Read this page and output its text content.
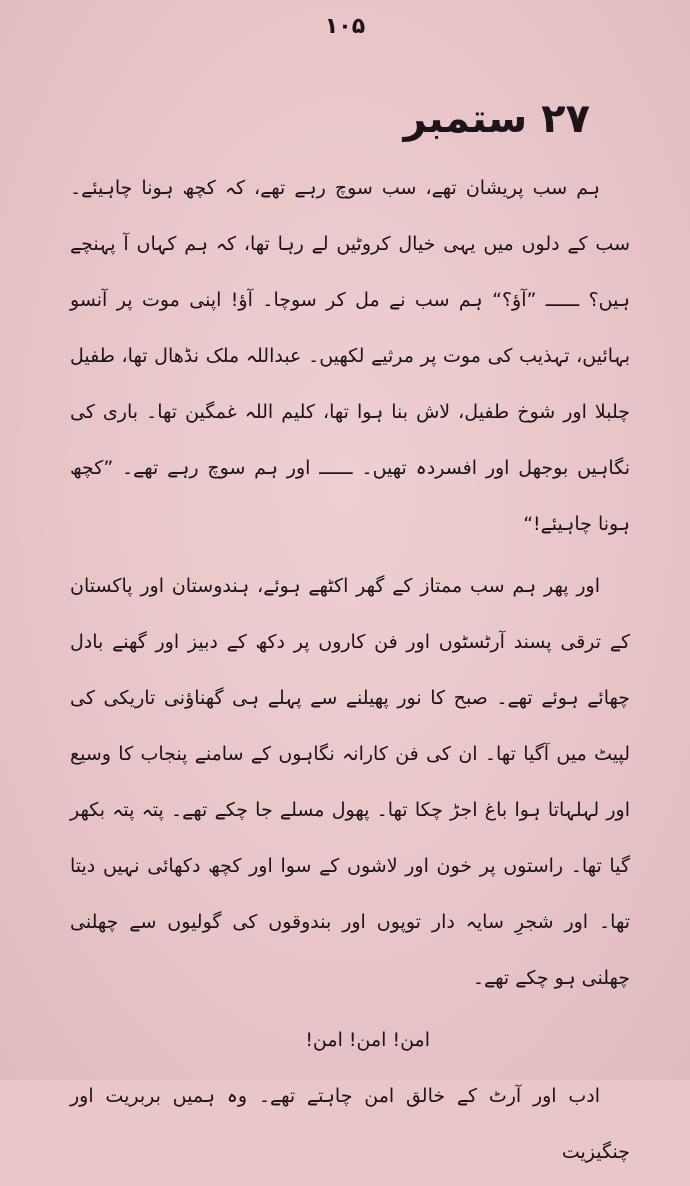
١٠۵
٢٧ ستمبر

ہم سب پریشان تھے، سب سوچ رہے تھے، کہ کچھ ہونا چاہیئے۔ سب کے دلوں میں یہی خیال کروٹیں لے رہا تھا، کہ ہم کہاں آ پہنچے ہیں؟ ــــــ ”آؤ؟“ ہم سب نے مل کر سوچا۔ آؤ! اپنی موت پر آنسو بہائیں، تہذیب کی موت پر مرثیے لکھیں۔ عبداللہ ملک نڈھال تھا، طفیل چلبلا اور شوخ طفیل، لاش بنا ہوا تھا، کلیم اللہ غمگین تھا۔ باری کی نگاہیں بوجھل اور افسردہ تھیں۔ ــــــ اور ہم سوچ رہے تھے۔ ”کچھ ہونا چاہیئے!“

اور پھر ہم سب ممتاز کے گھر اکٹھے ہوئے، ہندوستان اور پاکستان کے ترقی پسند آرٹسٹوں اور فن کاروں پر دکھ کے دبیز اور گھنے بادل چھائے ہوئے تھے۔ صبح کا نور پھیلنے سے پہلے ہی گھناؤنی تاریکی کی لپیٹ میں آگیا تھا۔ ان کی فن کارانہ نگاہوں کے سامنے پنجاب کا وسیع اور لہلہاتا ہوا باغ اجڑ چکا تھا۔ پھول مسلے جا چکے تھے۔ پتہ پتہ بکھر گیا تھا۔ راستوں پر خون اور لاشوں کے سوا اور کچھ دکھائی نہیں دیتا تھا۔ اور شجرِ سایہ دار توپوں اور بندوقوں کی گولیوں سے چھلنی چھلنی ہو چکے تھے۔

امن! امن! امن!

ادب اور آرٹ کے خالق امن چاہتے تھے۔ وہ ہمیں بربریت اور چنگیزیت
